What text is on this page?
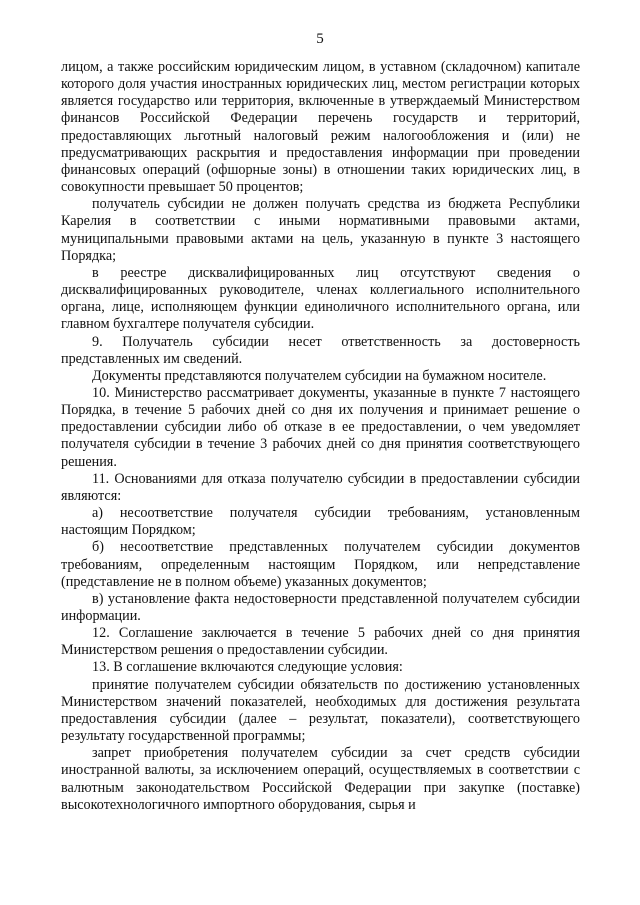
5

лицом, а также российским юридическим лицом, в уставном (складочном) капитале которого доля участия иностранных юридических лиц, местом регистрации которых является государство или территория, включенные в утверждаемый Министерством финансов Российской Федерации перечень государств и территорий, предоставляющих льготный налоговый режим налогообложения и (или) не предусматривающих раскрытия и предоставления информации при проведении финансовых операций (офшорные зоны) в отношении таких юридических лиц, в совокупности превышает 50 процентов;

получатель субсидии не должен получать средства из бюджета Республики Карелия в соответствии с иными нормативными правовыми актами, муниципальными правовыми актами на цель, указанную в пункте 3 настоящего Порядка;

в реестре дисквалифицированных лиц отсутствуют сведения о дисквалифицированных руководителе, членах коллегиального исполнительного органа, лице, исполняющем функции единоличного исполнительного органа, или главном бухгалтере получателя субсидии.

9. Получатель субсидии несет ответственность за достоверность представленных им сведений.

Документы представляются получателем субсидии на бумажном носителе.

10. Министерство рассматривает документы, указанные в пункте 7 настоящего Порядка, в течение 5 рабочих дней со дня их получения и принимает решение о предоставлении субсидии либо об отказе в ее предоставлении, о чем уведомляет получателя субсидии в течение 3 рабочих дней со дня принятия соответствующего решения.

11. Основаниями для отказа получателю субсидии в предоставлении субсидии являются:

а) несоответствие получателя субсидии требованиям, установленным настоящим Порядком;

б) несоответствие представленных получателем субсидии документов требованиям, определенным настоящим Порядком, или непредставление (представление не в полном объеме) указанных документов;

в) установление факта недостоверности представленной получателем субсидии информации.

12. Соглашение заключается в течение 5 рабочих дней со дня принятия Министерством решения о предоставлении субсидии.

13. В соглашение включаются следующие условия:

принятие получателем субсидии обязательств по достижению установленных Министерством значений показателей, необходимых для достижения результата предоставления субсидии (далее – результат, показатели), соответствующего результату государственной программы;

запрет приобретения получателем субсидии за счет средств субсидии иностранной валюты, за исключением операций, осуществляемых в соответствии с валютным законодательством Российской Федерации при закупке (поставке) высокотехнологичного импортного оборудования, сырья и
